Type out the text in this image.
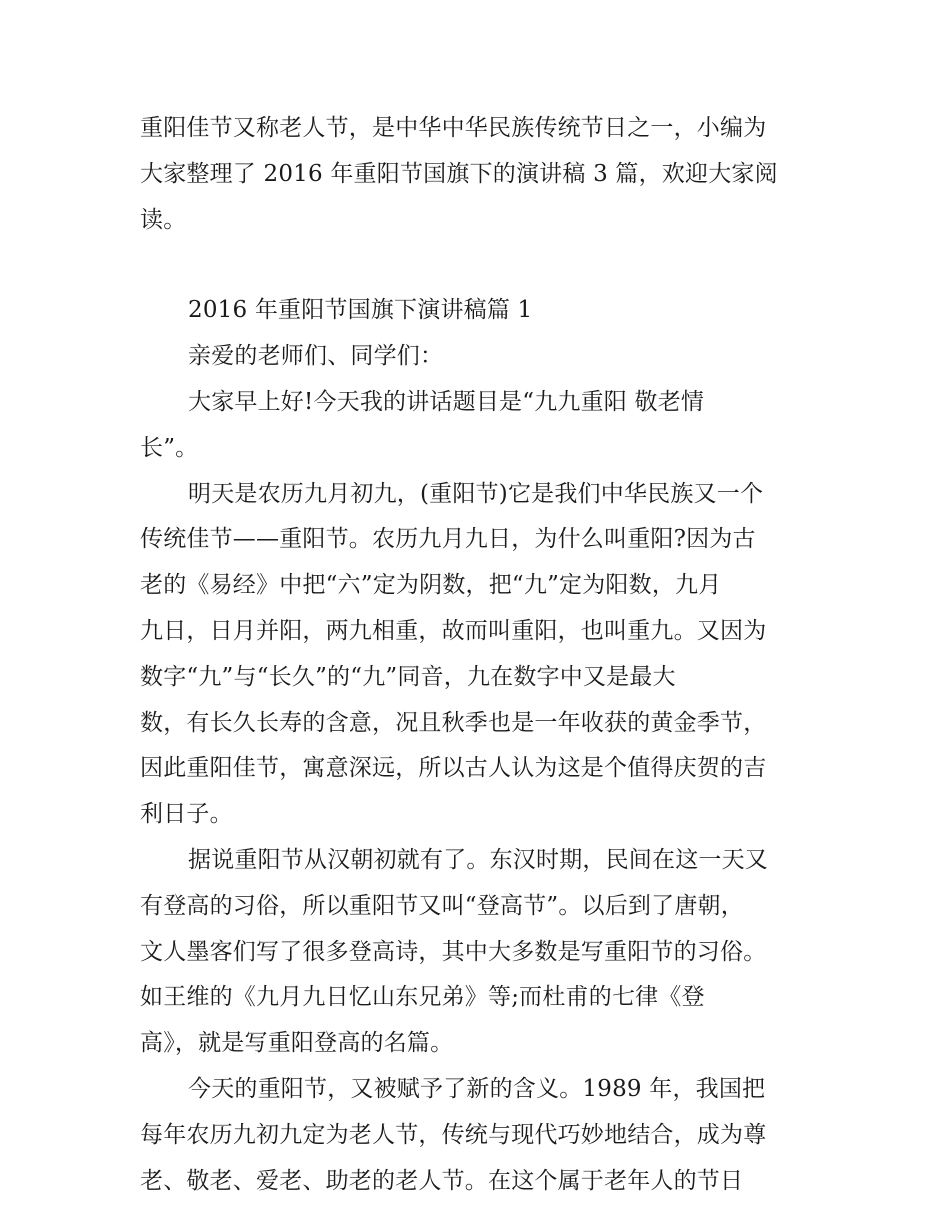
重阳佳节又称老人节，是中华中华民族传统节日之一，小编为
大家整理了 2016 年重阳节国旗下的演讲稿 3 篇，欢迎大家阅
读。
2016 年重阳节国旗下演讲稿篇 1
亲爱的老师们、同学们：
大家早上好!今天我的讲话题目是“九九重阳 敬老情
长”。
明天是农历九月初九，(重阳节)它是我们中华民族又一个
传统佳节——重阳节。农历九月九日，为什么叫重阳?因为古
老的《易经》中把“六”定为阴数，把“九”定为阳数，九月
九日，日月并阳，两九相重，故而叫重阳，也叫重九。又因为
数字“九”与“长久”的“九”同音，九在数字中又是最大
数，有长久长寿的含意，况且秋季也是一年收获的黄金季节，
因此重阳佳节，寓意深远，所以古人认为这是个值得庆贺的吉
利日子。
据说重阳节从汉朝初就有了。东汉时期，民间在这一天又
有登高的习俗，所以重阳节又叫“登高节”。以后到了唐朝，
文人墨客们写了很多登高诗，其中大多数是写重阳节的习俗。
如王维的《九月九日忆山东兄弟》等;而杜甫的七律《登
高》，就是写重阳登高的名篇。
今天的重阳节，又被赋予了新的含义。1989 年，我国把
每年农历九初九定为老人节，传统与现代巧妙地结合，成为尊
老、敬老、爱老、助老的老人节。在这个属于老年人的节日
